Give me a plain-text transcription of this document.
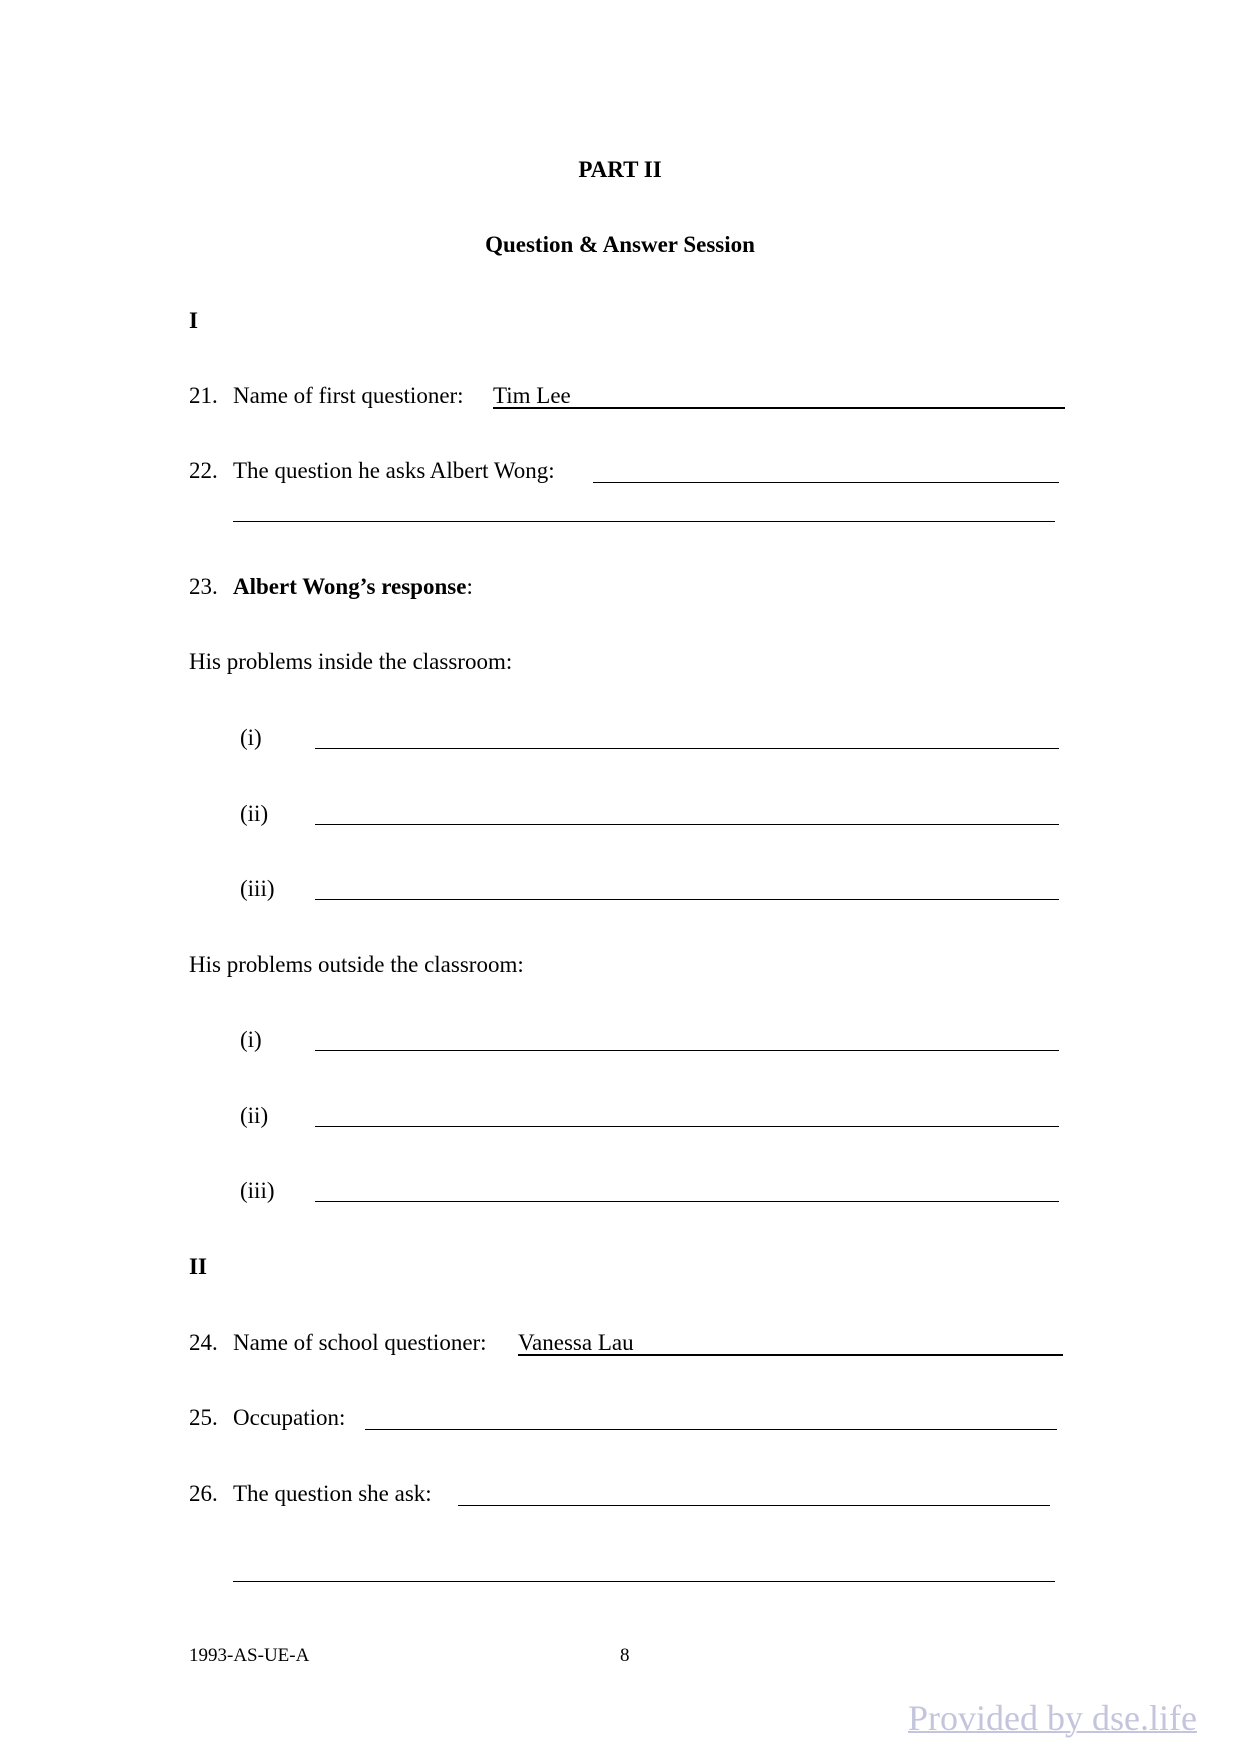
PART II
Question & Answer Session
I
21. Name of first questioner: Tim Lee
22. The question he asks Albert Wong:
23. Albert Wong’s response:
His problems inside the classroom:
(i)
(ii)
(iii)
His problems outside the classroom:
(i)
(ii)
(iii)
II
24. Name of school questioner: Vanessa Lau
25. Occupation:
26. The question she ask:
1993-AS-UE-A	8
Provided by dse.life
